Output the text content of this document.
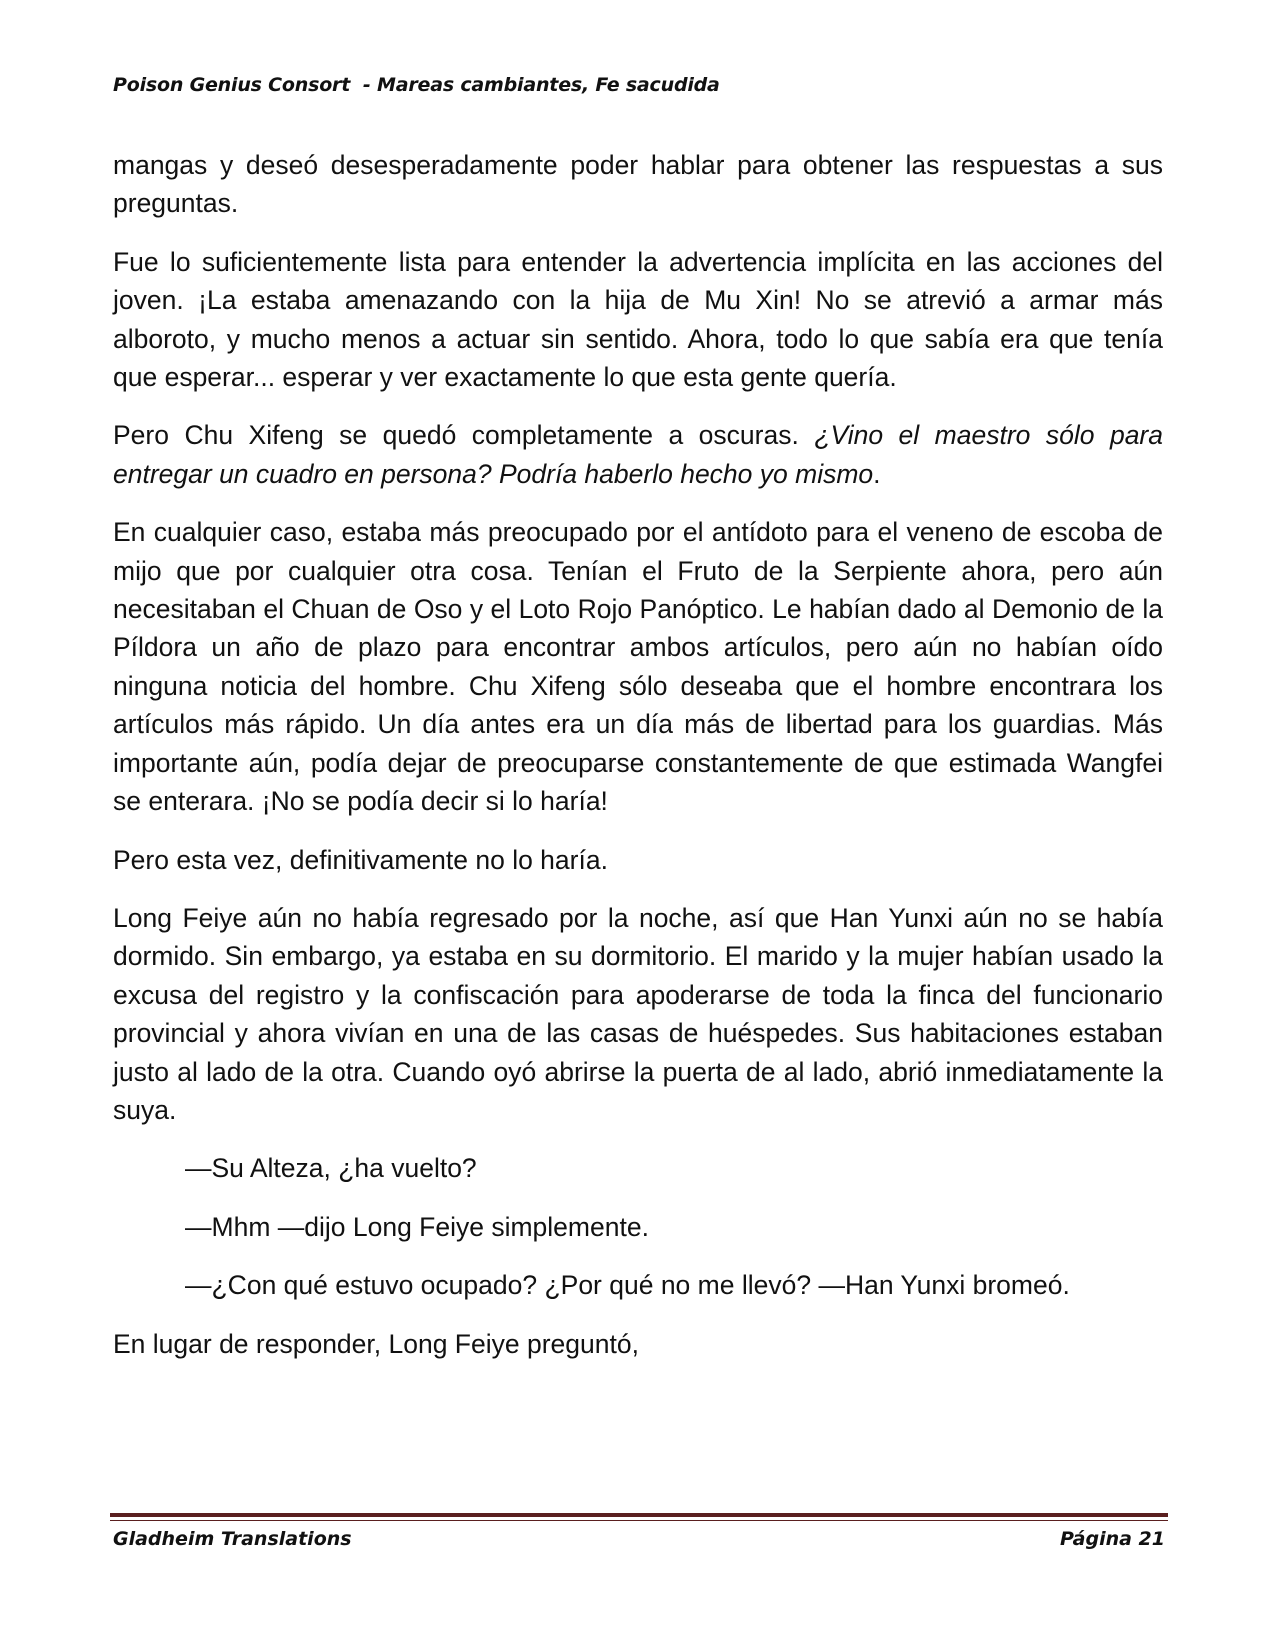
Poison Genius Consort  - Mareas cambiantes, Fe sacudida

mangas y deseó desesperadamente poder hablar para obtener las respuestas a sus preguntas.

Fue lo suficientemente lista para entender la advertencia implícita en las acciones del joven. ¡La estaba amenazando con la hija de Mu Xin! No se atrevió a armar más alboroto, y mucho menos a actuar sin sentido. Ahora, todo lo que sabía era que tenía que esperar... esperar y ver exactamente lo que esta gente quería.

Pero Chu Xifeng se quedó completamente a oscuras. ¿Vino el maestro sólo para entregar un cuadro en persona? Podría haberlo hecho yo mismo.

En cualquier caso, estaba más preocupado por el antídoto para el veneno de escoba de mijo que por cualquier otra cosa. Tenían el Fruto de la Serpiente ahora, pero aún necesitaban el Chuan de Oso y el Loto Rojo Panóptico. Le habían dado al Demonio de la Píldora un año de plazo para encontrar ambos artículos, pero aún no habían oído ninguna noticia del hombre. Chu Xifeng sólo deseaba que el hombre encontrara los artículos más rápido. Un día antes era un día más de libertad para los guardias. Más importante aún, podía dejar de preocuparse constantemente de que estimada Wangfei se enterara. ¡No se podía decir si lo haría!

Pero esta vez, definitivamente no lo haría.

Long Feiye aún no había regresado por la noche, así que Han Yunxi aún no se había dormido. Sin embargo, ya estaba en su dormitorio. El marido y la mujer habían usado la excusa del registro y la confiscación para apoderarse de toda la finca del funcionario provincial y ahora vivían en una de las casas de huéspedes. Sus habitaciones estaban justo al lado de la otra. Cuando oyó abrirse la puerta de al lado, abrió inmediatamente la suya.

—Su Alteza, ¿ha vuelto?

—Mhm —dijo Long Feiye simplemente.

—¿Con qué estuvo ocupado? ¿Por qué no me llevó? —Han Yunxi bromeó.

En lugar de responder, Long Feiye preguntó,

Gladheim Translations	Página 21
